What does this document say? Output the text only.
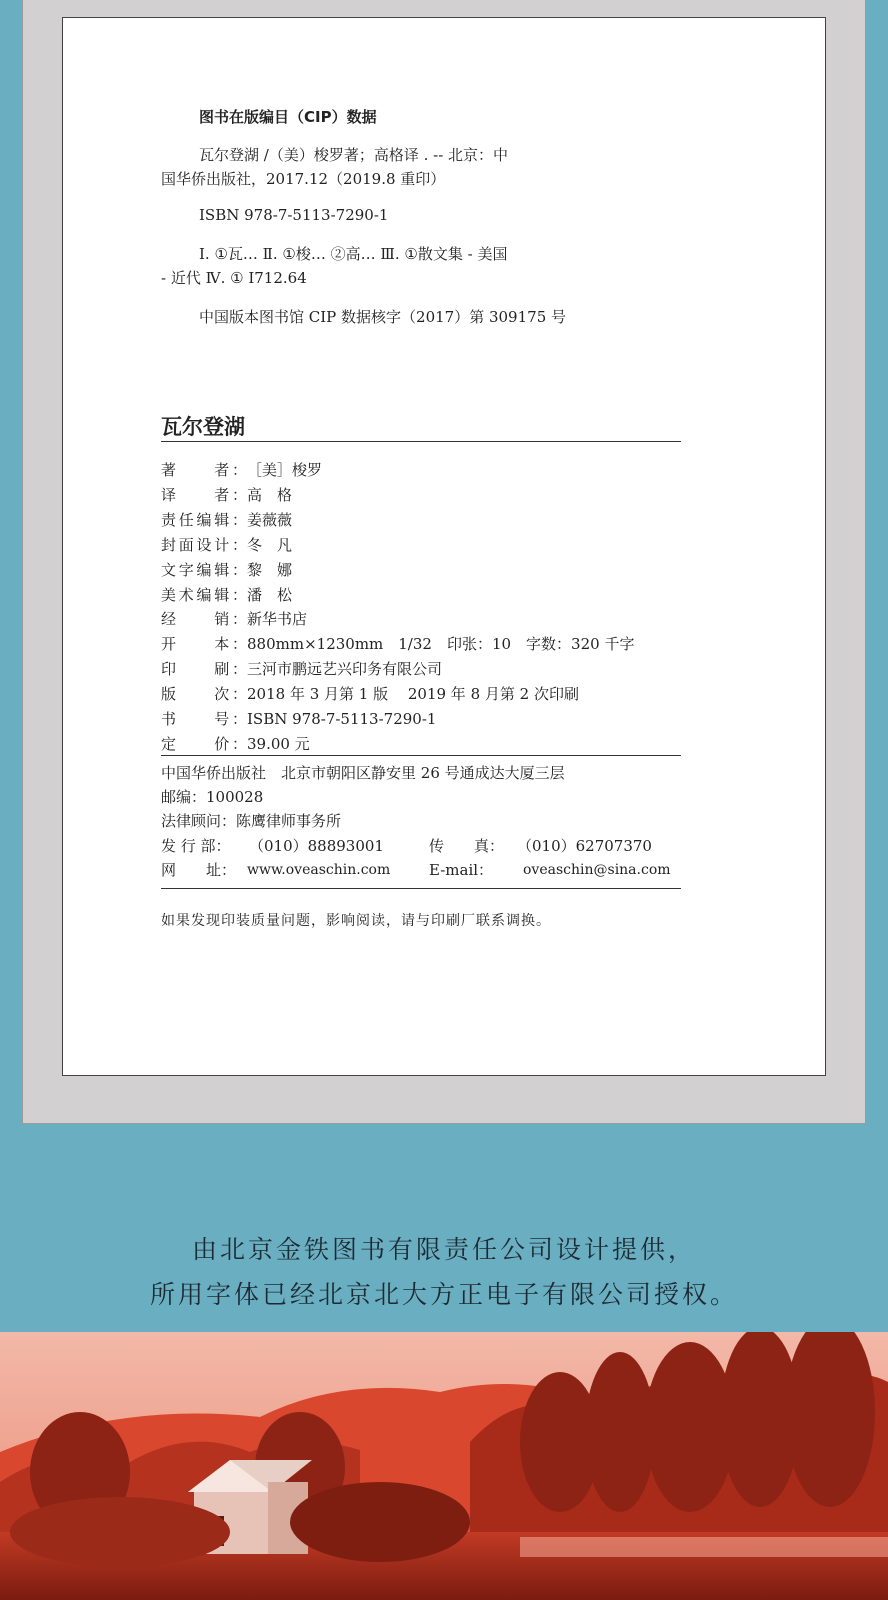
图书在版编目（CIP）数据
瓦尔登湖 /（美）梭罗著；高格译 . -- 北京：中
国华侨出版社，2017.12（2019.8 重印）
ISBN 978-7-5113-7290-1
Ⅰ. ①瓦… Ⅱ. ①梭… ②高… Ⅲ. ①散文集 - 美国
- 近代 Ⅳ. ① I712.64
中国版本图书馆 CIP 数据核字（2017）第 309175 号
瓦尔登湖
著　　者：［美］梭罗
译　　者：高　格
责任编辑：姜薇薇
封面设计：冬　凡
文字编辑：黎　娜
美术编辑：潘　松
经　　销：新华书店
开　　本：880mm×1230mm　1/32　印张：10　字数：320 千字
印　　刷：三河市鹏远艺兴印务有限公司
版　　次：2018 年 3 月第 1 版　 2019 年 8 月第 2 次印刷
书　　号：ISBN 978-7-5113-7290-1
定　　价：39.00 元
中国华侨出版社　北京市朝阳区静安里 26 号通成达大厦三层
邮编：100028
法律顾问：陈鹰律师事务所
发 行 部： （010）88893001	传　　真： （010）62707370
网　　址： www.oveaschin.com	E-mail： oveaschin@sina.com
如果发现印装质量问题，影响阅读，请与印刷厂联系调换。
由北京金铁图书有限责任公司设计提供，
所用字体已经北京北大方正电子有限公司授权。
